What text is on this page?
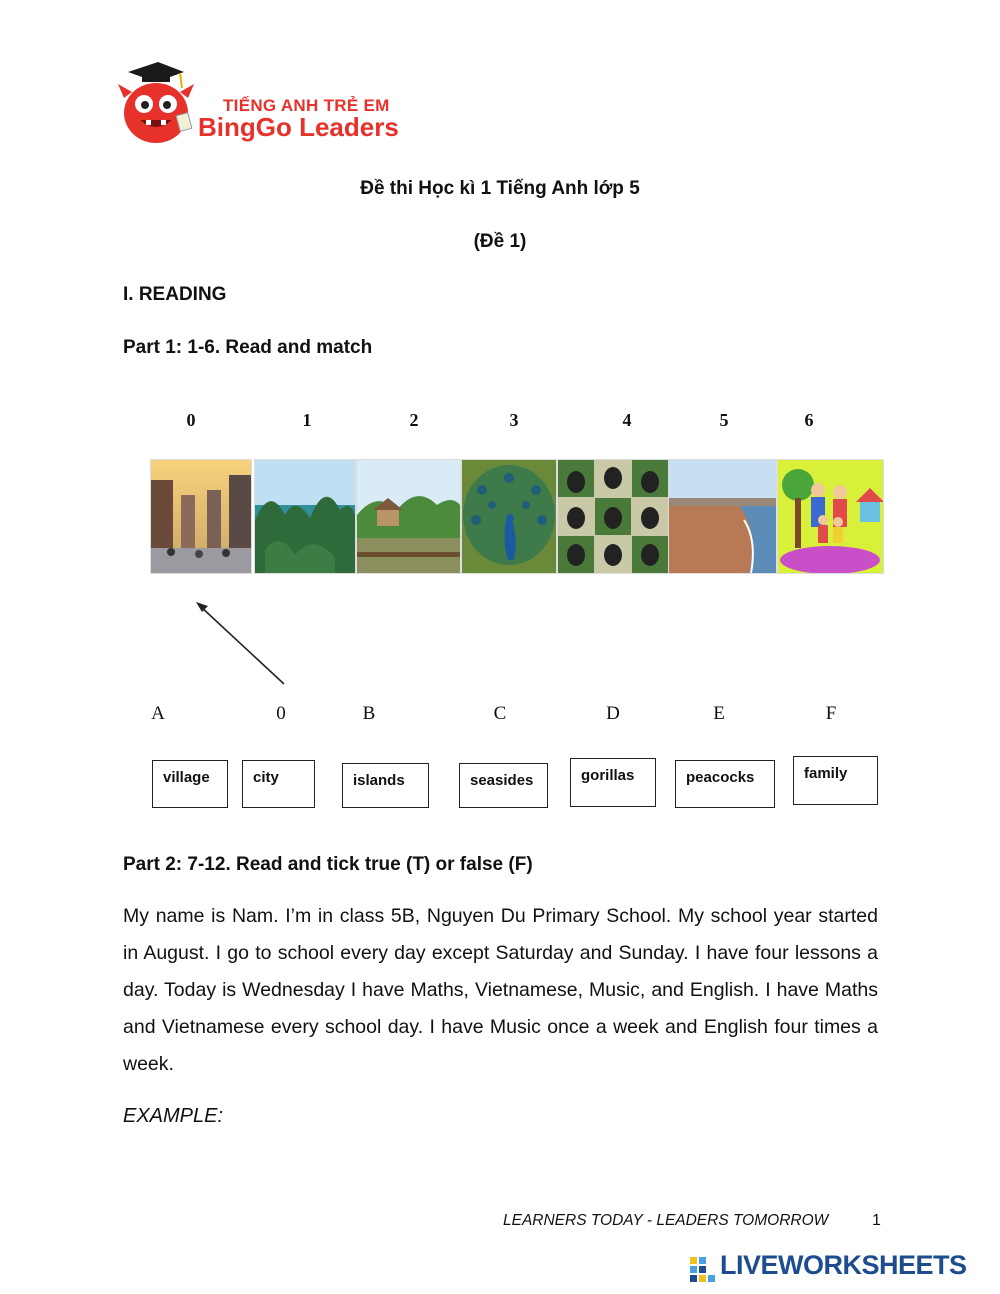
TIẾNG ANH TRẺ EM
BingGo Leaders
Đề thi Học kì 1 Tiếng Anh lớp 5
(Đề 1)
I. READING
Part 1: 1-6. Read and match
0	1	2	3	4	5	6
A	0	B	C	D	E	F
village	city	islands	seasides	gorillas	peacocks	family
Part 2: 7-12. Read and tick true (T) or false (F)
My name is Nam. I’m in class 5B, Nguyen Du Primary School. My school year started in August. I go to school every day except Saturday and Sunday. I have four lessons a day. Today is Wednesday I have Maths, Vietnamese, Music, and English. I have Maths and Vietnamese every school day. I have Music once a week and English four times a week.
EXAMPLE:
LEARNERS TODAY - LEADERS TOMORROW	1
LIVEWORKSHEETS
